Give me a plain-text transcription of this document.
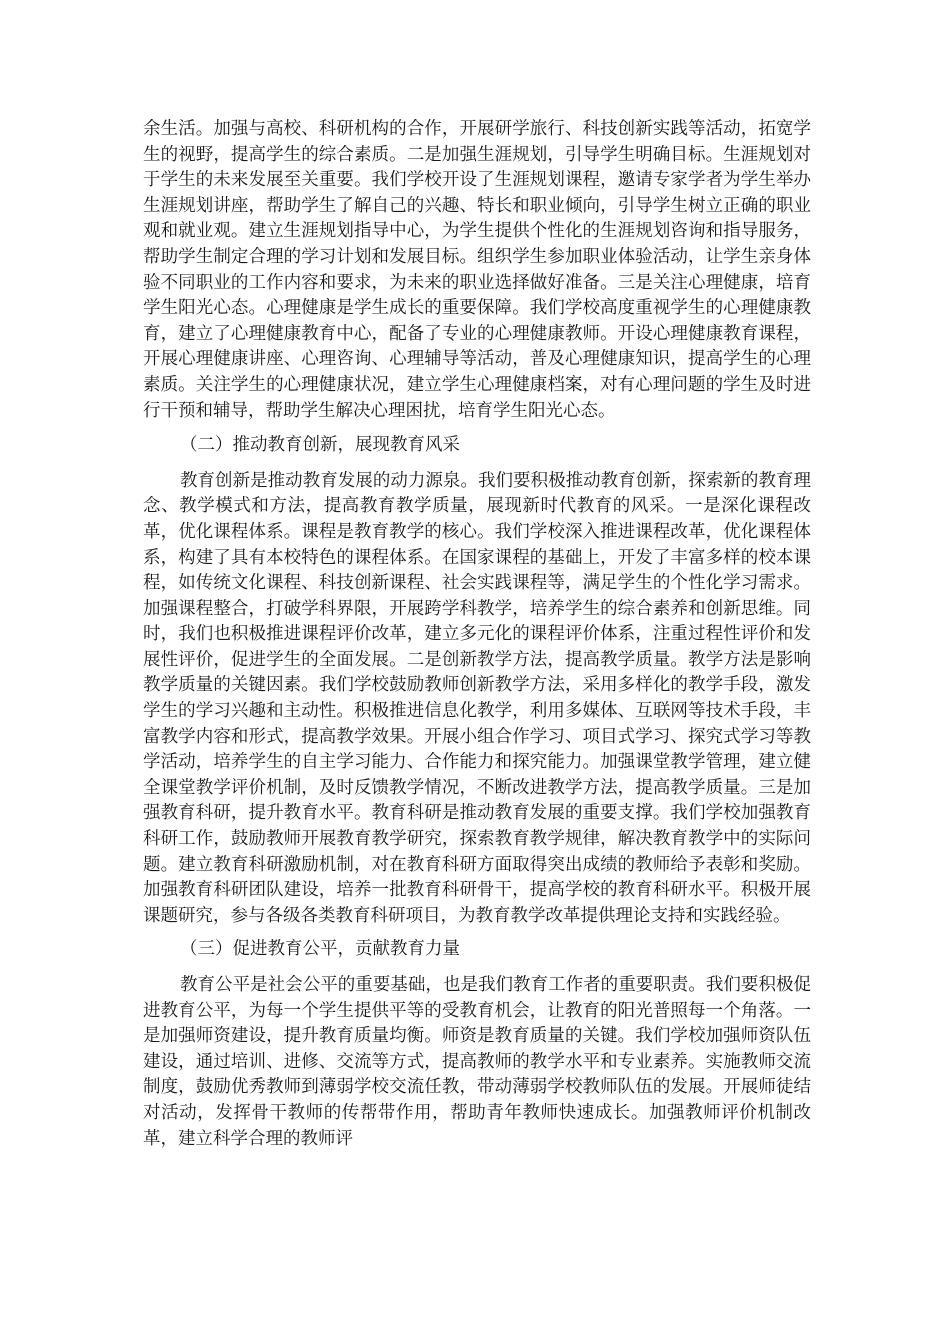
余生活。加强与高校、科研机构的合作，开展研学旅行、科技创新实践等活动，拓宽学生的视野，提高学生的综合素质。二是加强生涯规划，引导学生明确目标。生涯规划对于学生的未来发展至关重要。我们学校开设了生涯规划课程，邀请专家学者为学生举办生涯规划讲座，帮助学生了解自己的兴趣、特长和职业倾向，引导学生树立正确的职业观和就业观。建立生涯规划指导中心，为学生提供个性化的生涯规划咨询和指导服务，帮助学生制定合理的学习计划和发展目标。组织学生参加职业体验活动，让学生亲身体验不同职业的工作内容和要求，为未来的职业选择做好准备。三是关注心理健康，培育学生阳光心态。心理健康是学生成长的重要保障。我们学校高度重视学生的心理健康教育，建立了心理健康教育中心，配备了专业的心理健康教师。开设心理健康教育课程，开展心理健康讲座、心理咨询、心理辅导等活动，普及心理健康知识，提高学生的心理素质。关注学生的心理健康状况，建立学生心理健康档案，对有心理问题的学生及时进行干预和辅导，帮助学生解决心理困扰，培育学生阳光心态。

（二）推动教育创新，展现教育风采

教育创新是推动教育发展的动力源泉。我们要积极推动教育创新，探索新的教育理念、教学模式和方法，提高教育教学质量，展现新时代教育的风采。一是深化课程改革，优化课程体系。课程是教育教学的核心。我们学校深入推进课程改革，优化课程体系，构建了具有本校特色的课程体系。在国家课程的基础上，开发了丰富多样的校本课程，如传统文化课程、科技创新课程、社会实践课程等，满足学生的个性化学习需求。加强课程整合，打破学科界限，开展跨学科教学，培养学生的综合素养和创新思维。同时，我们也积极推进课程评价改革，建立多元化的课程评价体系，注重过程性评价和发展性评价，促进学生的全面发展。二是创新教学方法，提高教学质量。教学方法是影响教学质量的关键因素。我们学校鼓励教师创新教学方法，采用多样化的教学手段，激发学生的学习兴趣和主动性。积极推进信息化教学，利用多媒体、互联网等技术手段，丰富教学内容和形式，提高教学效果。开展小组合作学习、项目式学习、探究式学习等教学活动，培养学生的自主学习能力、合作能力和探究能力。加强课堂教学管理，建立健全课堂教学评价机制，及时反馈教学情况，不断改进教学方法，提高教学质量。三是加强教育科研，提升教育水平。教育科研是推动教育发展的重要支撑。我们学校加强教育科研工作，鼓励教师开展教育教学研究，探索教育教学规律，解决教育教学中的实际问题。建立教育科研激励机制，对在教育科研方面取得突出成绩的教师给予表彰和奖励。加强教育科研团队建设，培养一批教育科研骨干，提高学校的教育科研水平。积极开展课题研究，参与各级各类教育科研项目，为教育教学改革提供理论支持和实践经验。

（三）促进教育公平，贡献教育力量

教育公平是社会公平的重要基础，也是我们教育工作者的重要职责。我们要积极促进教育公平，为每一个学生提供平等的受教育机会，让教育的阳光普照每一个角落。一是加强师资建设，提升教育质量均衡。师资是教育质量的关键。我们学校加强师资队伍建设，通过培训、进修、交流等方式，提高教师的教学水平和专业素养。实施教师交流制度，鼓励优秀教师到薄弱学校交流任教，带动薄弱学校教师队伍的发展。开展师徒结对活动，发挥骨干教师的传帮带作用，帮助青年教师快速成长。加强教师评价机制改革，建立科学合理的教师评
